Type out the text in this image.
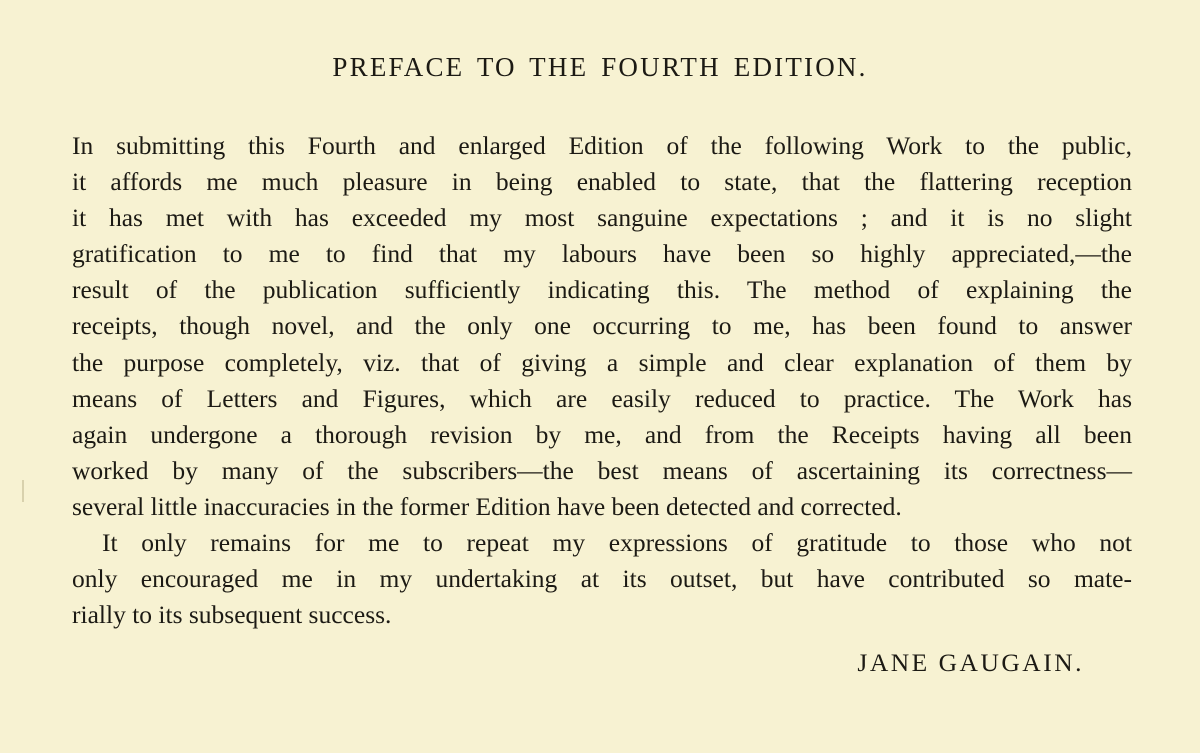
PREFACE TO THE FOURTH EDITION.
In submitting this Fourth and enlarged Edition of the following Work to the public,
it affords me much pleasure in being enabled to state, that the flattering reception
it has met with has exceeded my most sanguine expectations ; and it is no slight
gratification to me to find that my labours have been so highly appreciated,—the
result of the publication sufficiently indicating this. The method of explaining the
receipts, though novel, and the only one occurring to me, has been found to answer
the purpose completely, viz. that of giving a simple and clear explanation of them by
means of Letters and Figures, which are easily reduced to practice. The Work has
again undergone a thorough revision by me, and from the Receipts having all been
worked by many of the subscribers—the best means of ascertaining its correctness—
several little inaccuracies in the former Edition have been detected and corrected.
It only remains for me to repeat my expressions of gratitude to those who not
only encouraged me in my undertaking at its outset, but have contributed so mate-
rially to its subsequent success.
JANE GAUGAIN.
